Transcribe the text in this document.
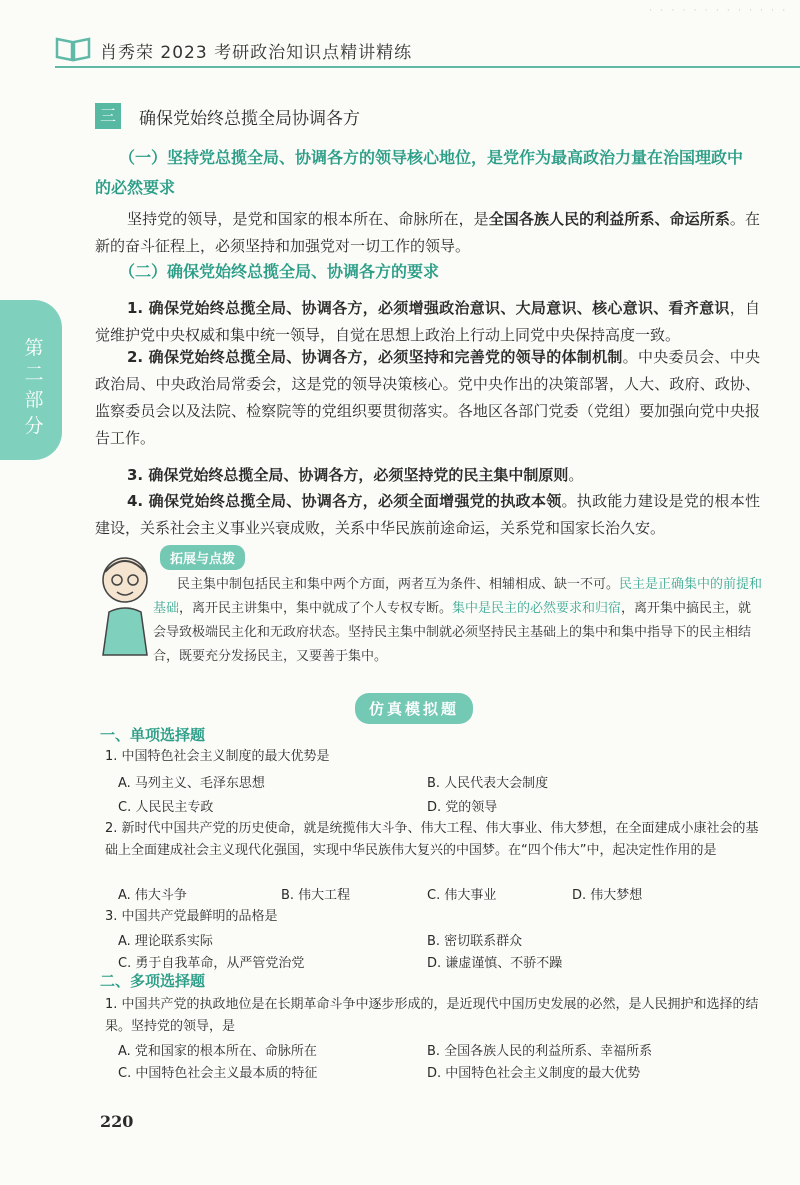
肖秀荣 2023 考研政治知识点精讲精练
· · · · · · · · · · · · ·
第二部分
三 确保党始终总揽全局协调各方

（一）坚持党总揽全局、协调各方的领导核心地位，是党作为最高政治力量在治国理政中的必然要求

坚持党的领导，是党和国家的根本所在、命脉所在，是全国各族人民的利益所系、命运所系。在新的奋斗征程上，必须坚持和加强党对一切工作的领导。

（二）确保党始终总揽全局、协调各方的要求

1. 确保党始终总揽全局、协调各方，必须增强政治意识、大局意识、核心意识、看齐意识，自觉维护党中央权威和集中统一领导，自觉在思想上政治上行动上同党中央保持高度一致。

2. 确保党始终总揽全局、协调各方，必须坚持和完善党的领导的体制机制。中央委员会、中央政治局、中央政治局常委会，这是党的领导决策核心。党中央作出的决策部署，人大、政府、政协、监察委员会以及法院、检察院等的党组织要贯彻落实。各地区各部门党委（党组）要加强向党中央报告工作。

3. 确保党始终总揽全局、协调各方，必须坚持党的民主集中制原则。

4. 确保党始终总揽全局、协调各方，必须全面增强党的执政本领。执政能力建设是党的根本性建设，关系社会主义事业兴衰成败，关系中华民族前途命运，关系党和国家长治久安。

拓展与点拨

民主集中制包括民主和集中两个方面，两者互为条件、相辅相成、缺一不可。民主是正确集中的前提和基础，离开民主讲集中，集中就成了个人专权专断。集中是民主的必然要求和归宿，离开集中搞民主，就会导致极端民主化和无政府状态。坚持民主集中制就必须坚持民主基础上的集中和集中指导下的民主相结合，既要充分发扬民主，又要善于集中。

仿真模拟题

一、单项选择题

1. 中国特色社会主义制度的最大优势是

A. 马列主义、毛泽东思想	B. 人民代表大会制度
C. 人民民主专政	D. 党的领导

2. 新时代中国共产党的历史使命，就是统揽伟大斗争、伟大工程、伟大事业、伟大梦想，在全面建成小康社会的基础上全面建成社会主义现代化强国，实现中华民族伟大复兴的中国梦。在“四个伟大”中，起决定性作用的是

A. 伟大斗争	B. 伟大工程	C. 伟大事业	D. 伟大梦想

3. 中国共产党最鲜明的品格是

A. 理论联系实际	B. 密切联系群众
C. 勇于自我革命，从严管党治党	D. 谦虚谨慎、不骄不躁

二、多项选择题

1. 中国共产党的执政地位是在长期革命斗争中逐步形成的，是近现代中国历史发展的必然，是人民拥护和选择的结果。坚持党的领导，是

A. 党和国家的根本所在、命脉所在	B. 全国各族人民的利益所系、幸福所系
C. 中国特色社会主义最本质的特征	D. 中国特色社会主义制度的最大优势
220
